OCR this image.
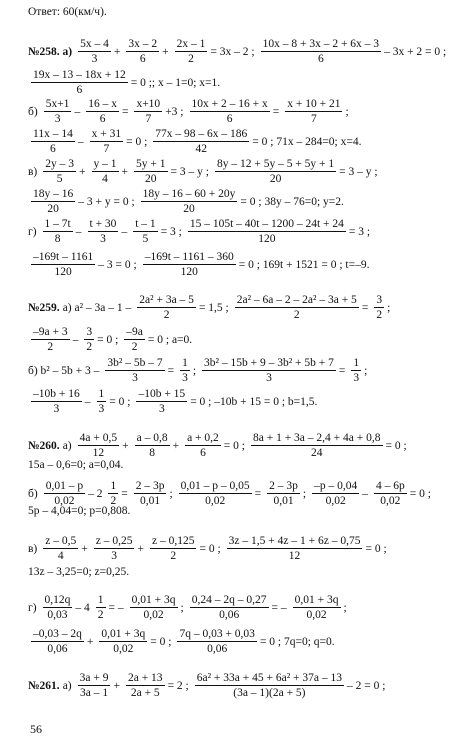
Ответ: 60(км/ч).
№258. $а) \frac{5x - 4}{3} + \frac{3x - 2}{6} + \frac{2x - 1}{2} = 3x - 2$ ; $\frac{10x - 8 + 3x - 2 + 6x - 3}{6} - 3x + 2 = 0$ ;
$\frac{19x - 13 - 18x + 12}{6} = 0$ ;; x – 1=0; x=1.
$б) \frac{5x+1}{3} - \frac{16 - x}{6} = \frac{x+10}{7} +3$ ; $\frac{10x + 2 - 16 + x}{6} = \frac{x + 10 + 21}{7}$ ;
$\frac{11x - 14}{6} - \frac{x + 31}{7} = 0$ ; $\frac{77x - 98 - 6x - 186}{42} = 0$ ; 71x – 284=0; x=4.
$в) \frac{2y - 3}{5} + \frac{y - 1}{4} + \frac{5y + 1}{20} = 3 - y$ ; $\frac{8y - 12 + 5y - 5 + 5y + 1}{20} = 3 - y$ ;
$\frac{18y - 16}{20} - 3 + y = 0$ ; $\frac{18y - 16 - 60 + 20y}{20} = 0$ ; 38y – 76=0; y=2.
$г) \frac{1 - 7t}{8} - \frac{t + 30}{3} - \frac{t - 1}{5} = 3$ ; $\frac{15 - 105t - 40t - 1200 - 24t + 24}{120} = 3$ ;
$\frac{-169t - 1161}{120} - 3 = 0$ ; $\frac{-169t - 1161 - 360}{120} = 0$ ; 169t + 1521 = 0 ; t=–9.
№259. а) $a^2 - 3a - 1 - \frac{\text{2a² + 3a – 5}}{2} = 1,5$ ; $\frac{\text{2a² – 6a – 2 – 2a² – 3a + 5}}{2} = \frac{3}{2}$ ;
$\frac{-9a + 3}{2} - \frac{3}{2} = 0$ ; $\frac{-9a}{2} = 0$ ; a=0.
б) $b^2 - 5b + 3 - \frac{\text{3b² – 5b – 7}}{3} = \frac{1}{3}$ ; $\frac{\text{3b² – 15b + 9 – 3b² + 5b + 7}}{3} = \frac{1}{3}$ ;
$\frac{-10b + 16}{3} - \frac{1}{3} = 0$ ; $\frac{-10b + 15}{3} = 0$ ; –10b + 15 = 0 ; b=1,5.
№260. $а) \frac{4a + 0,5}{12} + \frac{a - 0,8}{8} + \frac{a + 0,2}{6} = 0$ ; $\frac{8a + 1 + 3a - 2,4 + 4a + 0,8}{24} = 0$ ;
15a – 0,6=0; a=0,04.
$б) \frac{0,01 - p}{0,02} - 2 \frac{1}{2} = \frac{2 - 3p}{0,01}$ ; $\frac{0,01 - p - 0,05}{0,02} = \frac{2 - 3p}{0,01}$ ; $\frac{-p - 0,04}{0,02} - \frac{4 - 6p}{0,02} = 0$ ;
5p – 4,04=0; p=0,808.
$в) \frac{z - 0,5}{4} + \frac{z - 0,25}{3} + \frac{z - 0,125}{2} = 0$ ; $\frac{3z - 1,5 + 4z - 1 + 6z - 0,75}{12} = 0$ ;
13z – 3,25=0; z=0,25.
$г) \frac{0,12q}{0,03} - 4 \frac{1}{2}$ = – $\frac{0,01 + 3q}{0,02}$ ; $\frac{0,24 - 2q - 0,27}{0,06}$ = – $\frac{0,01 + 3q}{0,02}$ ;
$\frac{-0,03 - 2q}{0,06} + \frac{0,01 + 3q}{0,02} = 0$ ; $\frac{7q - 0,03 + 0,03}{0,06} = 0$ ; 7q=0; q=0.
№261. $а) \frac{3a + 9}{3a - 1} + \frac{2a + 13}{2a + 5} = 2$ ; $\frac{\text{6a² + 33a + 45 + 6a² + 37a – 13}}{(3a - 1)(2a + 5)} - 2 = 0$ ;
56
